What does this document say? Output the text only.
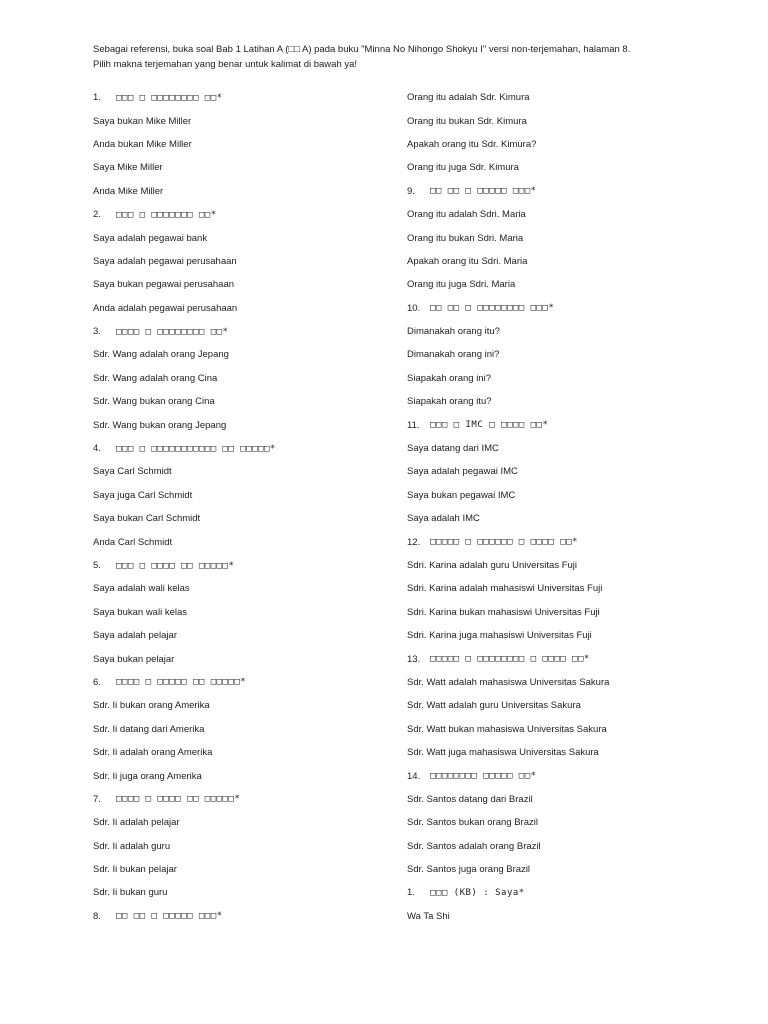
Sebagai referensi, buka soal Bab 1 Latihan A (□□ A) pada buku "Minna No Nihongo Shokyu I" versi non-terjemahan, halaman 8.
Pilih makna terjemahan yang benar untuk kalimat di bawah ya!
1.	□□□ □ □□□□□□□□ □□*
Saya bukan Mike Miller
Anda bukan Mike Miller
Saya Mike Miller
Anda Mike Miller
2.	□□□ □ □□□□□□□ □□*
Saya adalah pegawai bank
Saya adalah pegawai perusahaan
Saya bukan pegawai perusahaan
Anda adalah pegawai perusahaan
3.	□□□□ □ □□□□□□□□ □□*
Sdr. Wang adalah orang Jepang
Sdr. Wang adalah orang Cina
Sdr. Wang bukan orang Cina
Sdr. Wang bukan orang Jepang
4.	□□□ □ □□□□□□□□□□□ □□ □□□□□*
Saya Carl Schmidt
Saya juga Carl Schmidt
Saya bukan Carl Schmidt
Anda Carl Schmidt
5.	□□□ □ □□□□ □□ □□□□□*
Saya adalah wali kelas
Saya bukan wali kelas
Saya adalah pelajar
Saya bukan pelajar
6.	□□□□ □ □□□□□ □□ □□□□□*
Sdr. Ii bukan orang Amerika
Sdr. Ii datang dari Amerika
Sdr. Ii adalah orang Amerika
Sdr. Ii juga orang Amerika
7.	□□□□ □ □□□□ □□ □□□□□*
Sdr. Ii adalah pelajar
Sdr. Ii adalah guru
Sdr. Ii bukan pelajar
Sdr. Ii bukan guru
8.	□□ □□ □ □□□□□ □□□*
Orang itu adalah Sdr. Kimura
Orang itu bukan Sdr. Kimura
Apakah orang itu Sdr. Kimura?
Orang itu juga Sdr. Kimura
9.	□□ □□ □ □□□□□ □□□*
Orang itu adalah Sdri. Maria
Orang itu bukan Sdri. Maria
Apakah orang itu Sdri. Maria
Orang itu juga Sdri. Maria
10.	□□ □□ □ □□□□□□□□ □□□*
Dimanakah orang itu?
Dimanakah orang ini?
Siapakah orang ini?
Siapakah orang itu?
11.	□□□ □ IMC □ □□□□ □□*
Saya datang dari IMC
Saya adalah pegawai IMC
Saya bukan pegawai IMC
Saya adalah IMC
12.	□□□□□ □ □□□□□□ □ □□□□ □□*
Sdri. Karina adalah guru Universitas Fuji
Sdri. Karina adalah mahasiswi Universitas Fuji
Sdri. Karina bukan mahasiswi Universitas Fuji
Sdri. Karina juga mahasiswi Universitas Fuji
13.	□□□□□ □ □□□□□□□□ □ □□□□ □□*
Sdr. Watt adalah mahasiswa Universitas Sakura
Sdr. Watt adalah guru Universitas Sakura
Sdr. Watt bukan mahasiswa Universitas Sakura
Sdr. Watt juga mahasiswa Universitas Sakura
14.	□□□□□□□□ □□□□□ □□*
Sdr. Santos datang dari Brazil
Sdr. Santos bukan orang Brazil
Sdr. Santos adalah orang Brazil
Sdr. Santos juga orang Brazil
1.	□□□ (KB) : Saya*
Wa Ta Shi
